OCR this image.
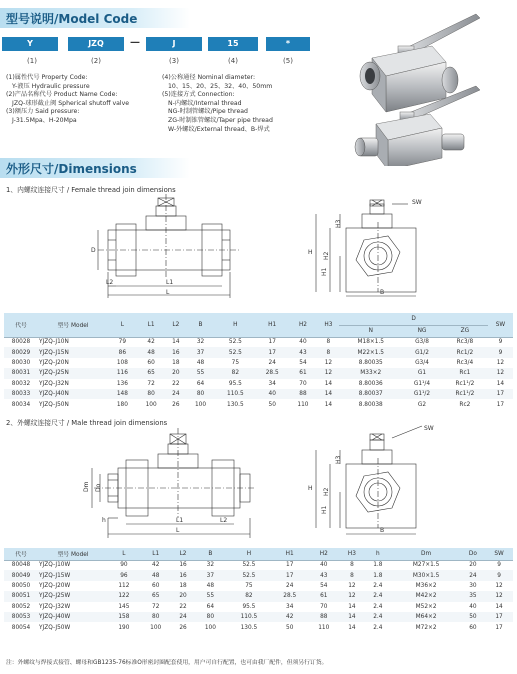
型号说明/Model Code
Y	JZQ	—	J	15	*
(1)	(2)	(3)	(4)	(5)
(1)属性代号 Property Code:
Y-液压 Hydraulic pressure
(2)产品名称代号 Product Name Code:
JZQ-球形截止阀 Spherical shutoff valve
(3)额压力 Said pressure:
J-31.5Mpa、H-20Mpa
(4)公称通径 Nominal diameter:
10、15、20、25、32、40、50mm
(5)连接方式 Connection:
N-内螺纹/Internal thread
NG-时制管螺纹/Pipe thread
ZG-时制锥管螺纹/Taper pipe thread
W-外螺纹/External thread、B-焊式
外形尺寸/Dimensions
1、内螺纹连接尺寸 / Female thread join dimensions
D
L1
L2
L
SW
H
H1
H2
H3
B
代号	型号 Model	L	L1	L2	B	H	H1	H2	H3	D			SW
										N	NG	ZG	
80028	YJZQ-J10N	79	42	14	32	52.5	17	40	8	M18×1.5	G3/8	Rc3/8	9
80029	YJZQ-J15N	86	48	16	37	52.5	17	43	8	M22×1.5	G1/2	Rc1/2	9
80030	YJZQ-J20N	108	60	18	48	75	24	54	12	8.80035	G3/4	Rc3/4	12
80031	YJZQ-J25N	116	65	20	55	82	28.5	61	12	M33×2	G1	Rc1	12
80032	YJZQ-J32N	136	72	22	64	95.5	34	70	14	8.80036	G1¹/4	Rc1¹/2	14
80033	YJZQ-J40N	148	80	24	80	110.5	40	88	14	8.80037	G1¹/2	Rc1¹/2	17
80034	YJZQ-J50N	180	100	26	100	130.5	50	110	14	8.80038	G2	Rc2	17
2、外螺纹连接尺寸 / Male thread join dimensions
Dm Do
h	L1	L2
L
SW
H
H1
H2
H3
B
代号	型号 Model	L	L1	L2	B	H	H1	H2	H3	h	Dm	Do	SW
80048	YJZQ-J10W	90	42	16	32	52.5	17	40	8	1.8	M27×1.5	20	9
80049	YJZQ-J15W	96	48	16	37	52.5	17	43	8	1.8	M30×1.5	24	9
80050	YJZQ-J20W	112	60	18	48	75	24	54	12	2.4	M36×2	30	12
80051	YJZQ-J25W	122	65	20	55	82	28.5	61	12	2.4	M42×2	35	12
80052	YJZQ-J32W	145	72	22	64	95.5	34	70	14	2.4	M52×2	40	14
80053	YJZQ-J40W	158	80	24	80	110.5	42	88	14	2.4	M64×2	50	17
80054	YJZQ-J50W	190	100	26	100	130.5	50	110	14	2.4	M72×2	60	17
注：外螺纹与焊接式接管、螺母和GB1235-76标准O形密封圈配套使用，用户可自行配置，也可由我厂配件，但须另行订货。
